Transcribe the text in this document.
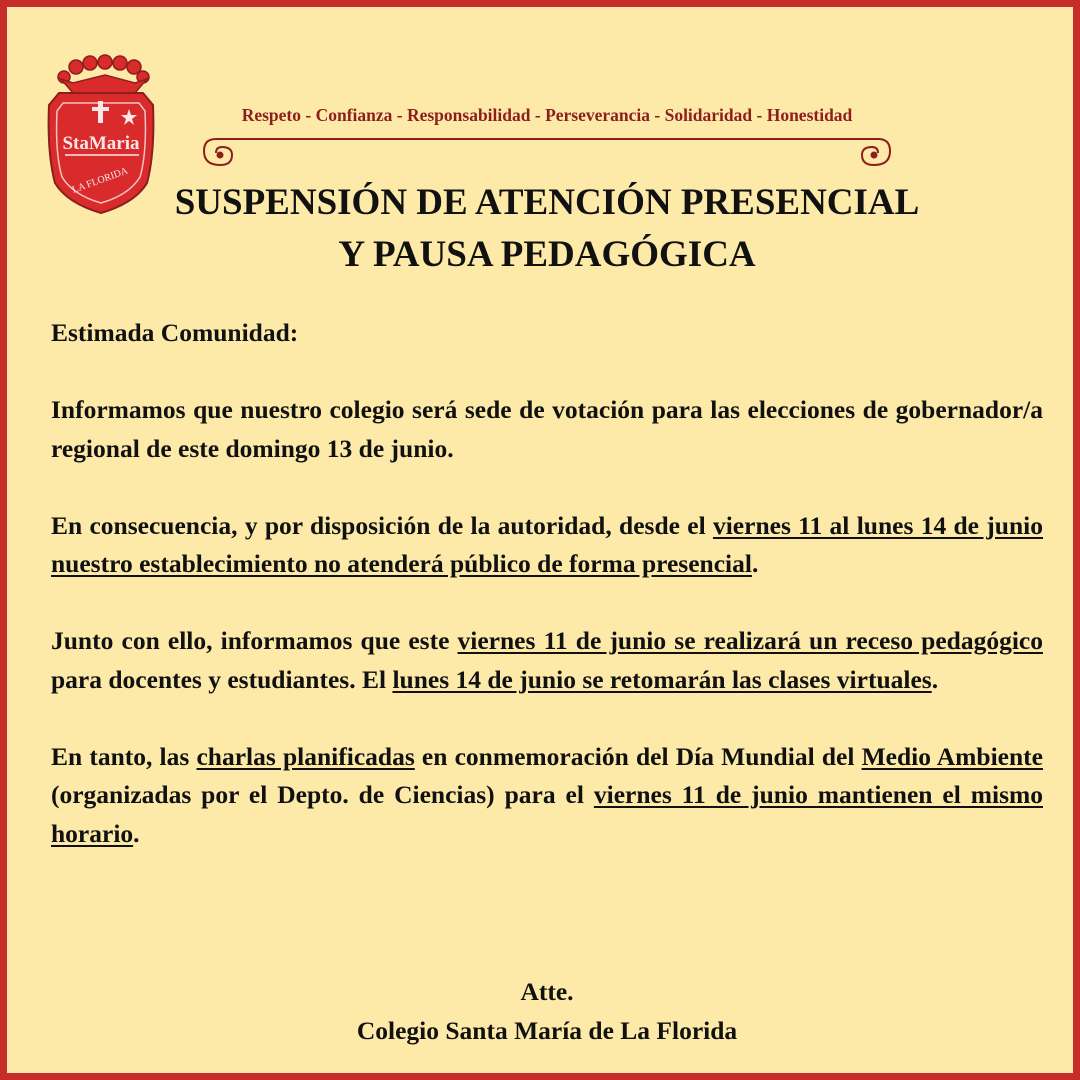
StaMaria
LA FLORIDA
Respeto - Confianza - Responsabilidad - Perseverancia - Solidaridad - Honestidad
SUSPENSIÓN DE ATENCIÓN PRESENCIAL
Y PAUSA PEDAGÓGICA

Estimada Comunidad:

Informamos que nuestro colegio será sede de votación para las elecciones de gobernador/a regional de este domingo 13 de junio.

En consecuencia, y por disposición de la autoridad, desde el viernes 11 al lunes 14 de junio nuestro establecimiento no atenderá público de forma presencial.

Junto con ello, informamos que este viernes 11 de junio se realizará un receso pedagógico para docentes y estudiantes. El lunes 14 de junio se retomarán las clases virtuales.

En tanto, las charlas planificadas en conmemoración del Día Mundial del Medio Ambiente (organizadas por el Depto. de Ciencias) para el viernes 11 de junio mantienen el mismo horario.

Atte.
Colegio Santa María de La Florida
